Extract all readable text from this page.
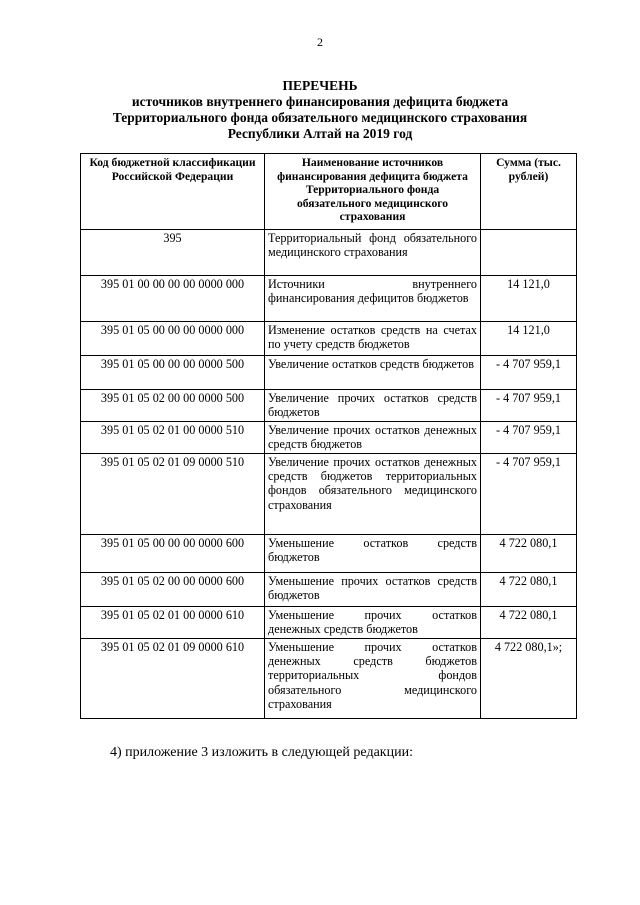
2
ПЕРЕЧЕНЬ
источников внутреннего финансирования дефицита бюджета
Территориального фонда обязательного медицинского страхования
Республики Алтай на 2019 год
Код бюджетной классификации Российской Федерации	Наименование источников финансирования дефицита бюджета Территориального фонда обязательного медицинского страхования	Сумма (тыс. рублей)
395	Территориальный фонд обязательного медицинского страхования	
395 01 00 00 00 00 0000 000	Источники внутреннего финансирования дефицитов бюджетов	14 121,0
395 01 05 00 00 00 0000 000	Изменение остатков средств на счетах по учету средств бюджетов	14 121,0
395 01 05 00 00 00 0000 500	Увеличение остатков средств бюджетов	- 4 707 959,1
395 01 05 02 00 00 0000 500	Увеличение прочих остатков средств бюджетов	- 4 707 959,1
395 01 05 02 01 00 0000 510	Увеличение прочих остатков денежных средств бюджетов	- 4 707 959,1
395 01 05 02 01 09 0000 510	Увеличение прочих остатков денежных средств бюджетов территориальных фондов обязательного медицинского страхования	- 4 707 959,1
395 01 05 00 00 00 0000 600	Уменьшение остатков средств бюджетов	4 722 080,1
395 01 05 02 00 00 0000 600	Уменьшение прочих остатков средств бюджетов	4 722 080,1
395 01 05 02 01 00 0000 610	Уменьшение прочих остатков денежных средств бюджетов	4 722 080,1
395 01 05 02 01 09 0000 610	Уменьшение прочих остатков денежных средств бюджетов территориальных фондов обязательного медицинского страхования	4 722 080,1»;
4) приложение 3 изложить в следующей редакции:
